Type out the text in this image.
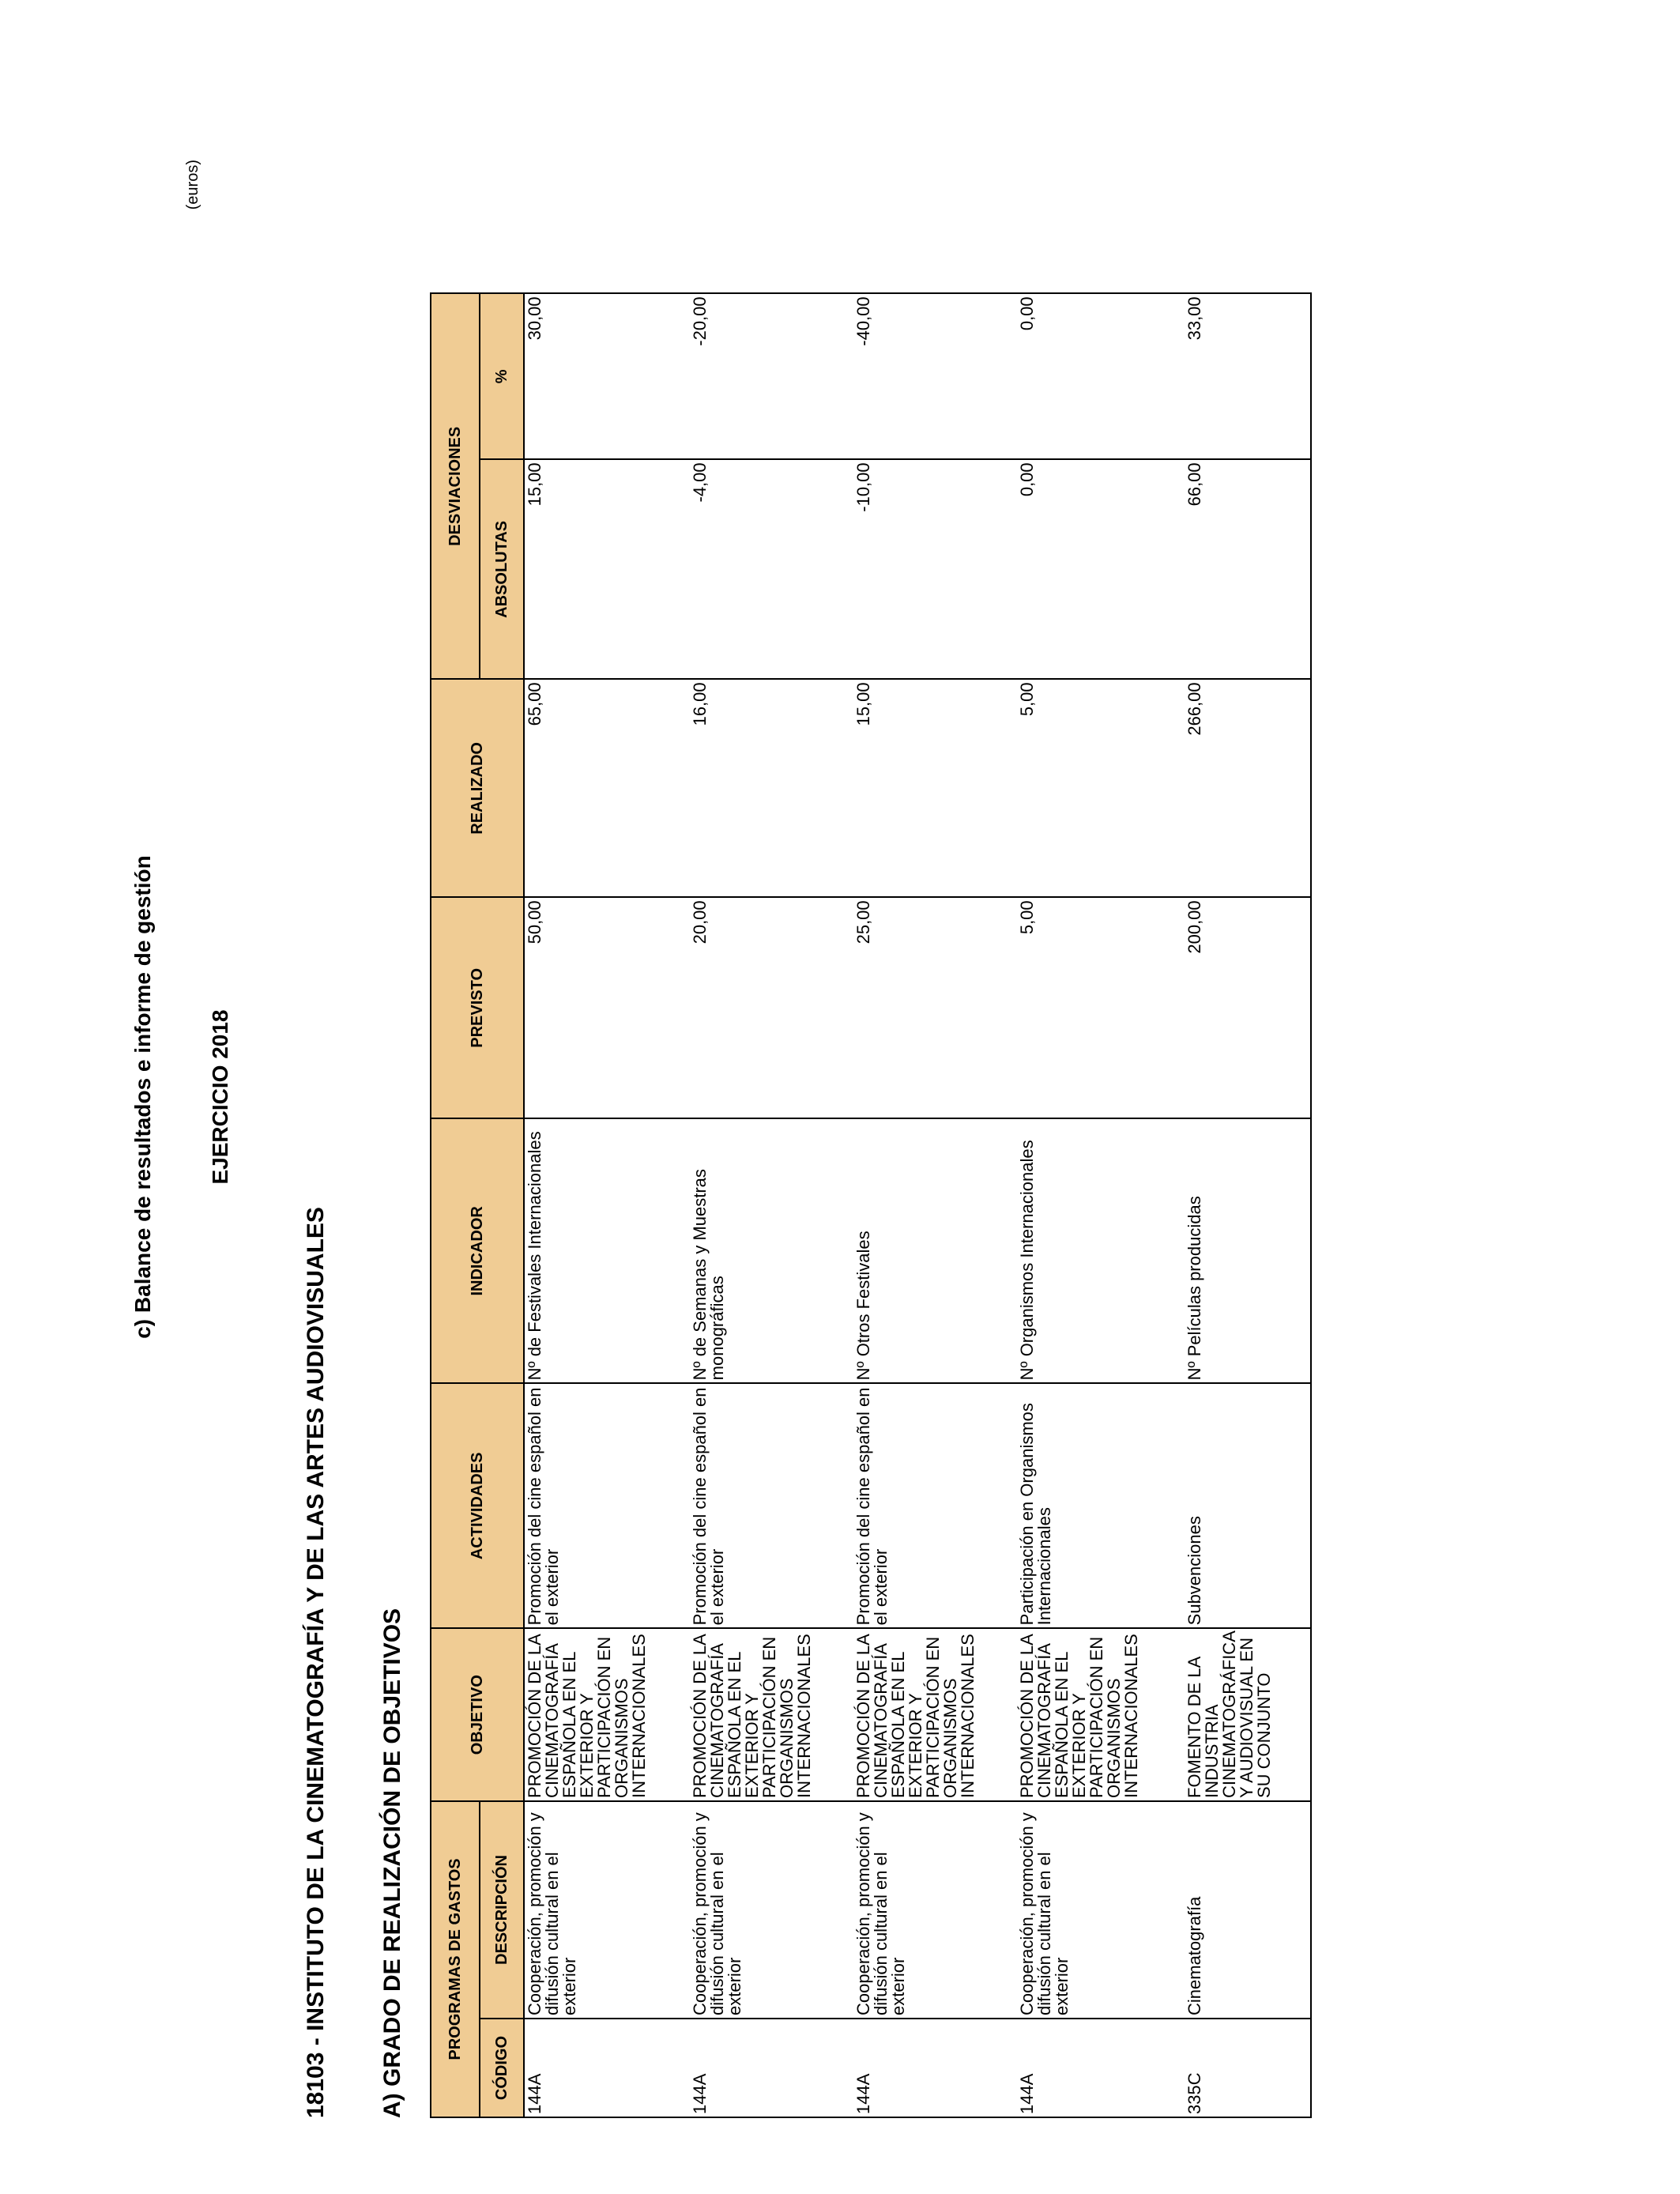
c) Balance de resultados e informe de gestión
(euros)
EJERCICIO 2018
18103 - INSTITUTO DE LA CINEMATOGRAFÍA Y DE LAS ARTES AUDIOVISUALES A) GRADO DE REALIZACIÓN DE OBJETIVOS	PROGRAMAS DE GASTOS		OBJETIVO	ACTIVIDADES	INDICADOR	PREVISTO	REALIZADO	DESVIACIONES	
CÓDIGO	DESCRIPCIÓN						ABSOLUTAS	%
144A	Cooperación, promoción y difusión cultural en el exterior	PROMOCIÓN DE LA CINEMATOGRAFÍA ESPAÑOLA EN EL EXTERIOR Y PARTICIPACIÓN EN ORGANISMOS INTERNACIONALES	Promoción del cine español en el exterior	Nº de Festivales Internacionales	50,00	65,00	15,00	30,00
144A	Cooperación, promoción y difusión cultural en el exterior	PROMOCIÓN DE LA CINEMATOGRAFÍA ESPAÑOLA EN EL EXTERIOR Y PARTICIPACIÓN EN ORGANISMOS INTERNACIONALES	Promoción del cine español en el exterior	Nº de Semanas y Muestras monográficas	20,00	16,00	-4,00	-20,00
144A	Cooperación, promoción y difusión cultural en el exterior	PROMOCIÓN DE LA CINEMATOGRAFÍA ESPAÑOLA EN EL EXTERIOR Y PARTICIPACIÓN EN ORGANISMOS INTERNACIONALES	Promoción del cine español en el exterior	Nº Otros Festivales	25,00	15,00	-10,00	-40,00
144A	Cooperación, promoción y difusión cultural en el exterior	PROMOCIÓN DE LA CINEMATOGRAFÍA ESPAÑOLA EN EL EXTERIOR Y PARTICIPACIÓN EN ORGANISMOS INTERNACIONALES	Participación en Organismos Internacionales	Nº Organismos Internacionales	5,00	5,00	0,00	0,00
335C	Cinematografía	FOMENTO DE LA INDUSTRIA CINEMATOGRÁFICA Y AUDIOVISUAL EN SU CONJUNTO	Subvenciones	Nº Películas producidas	200,00	266,00	66,00	33,00
